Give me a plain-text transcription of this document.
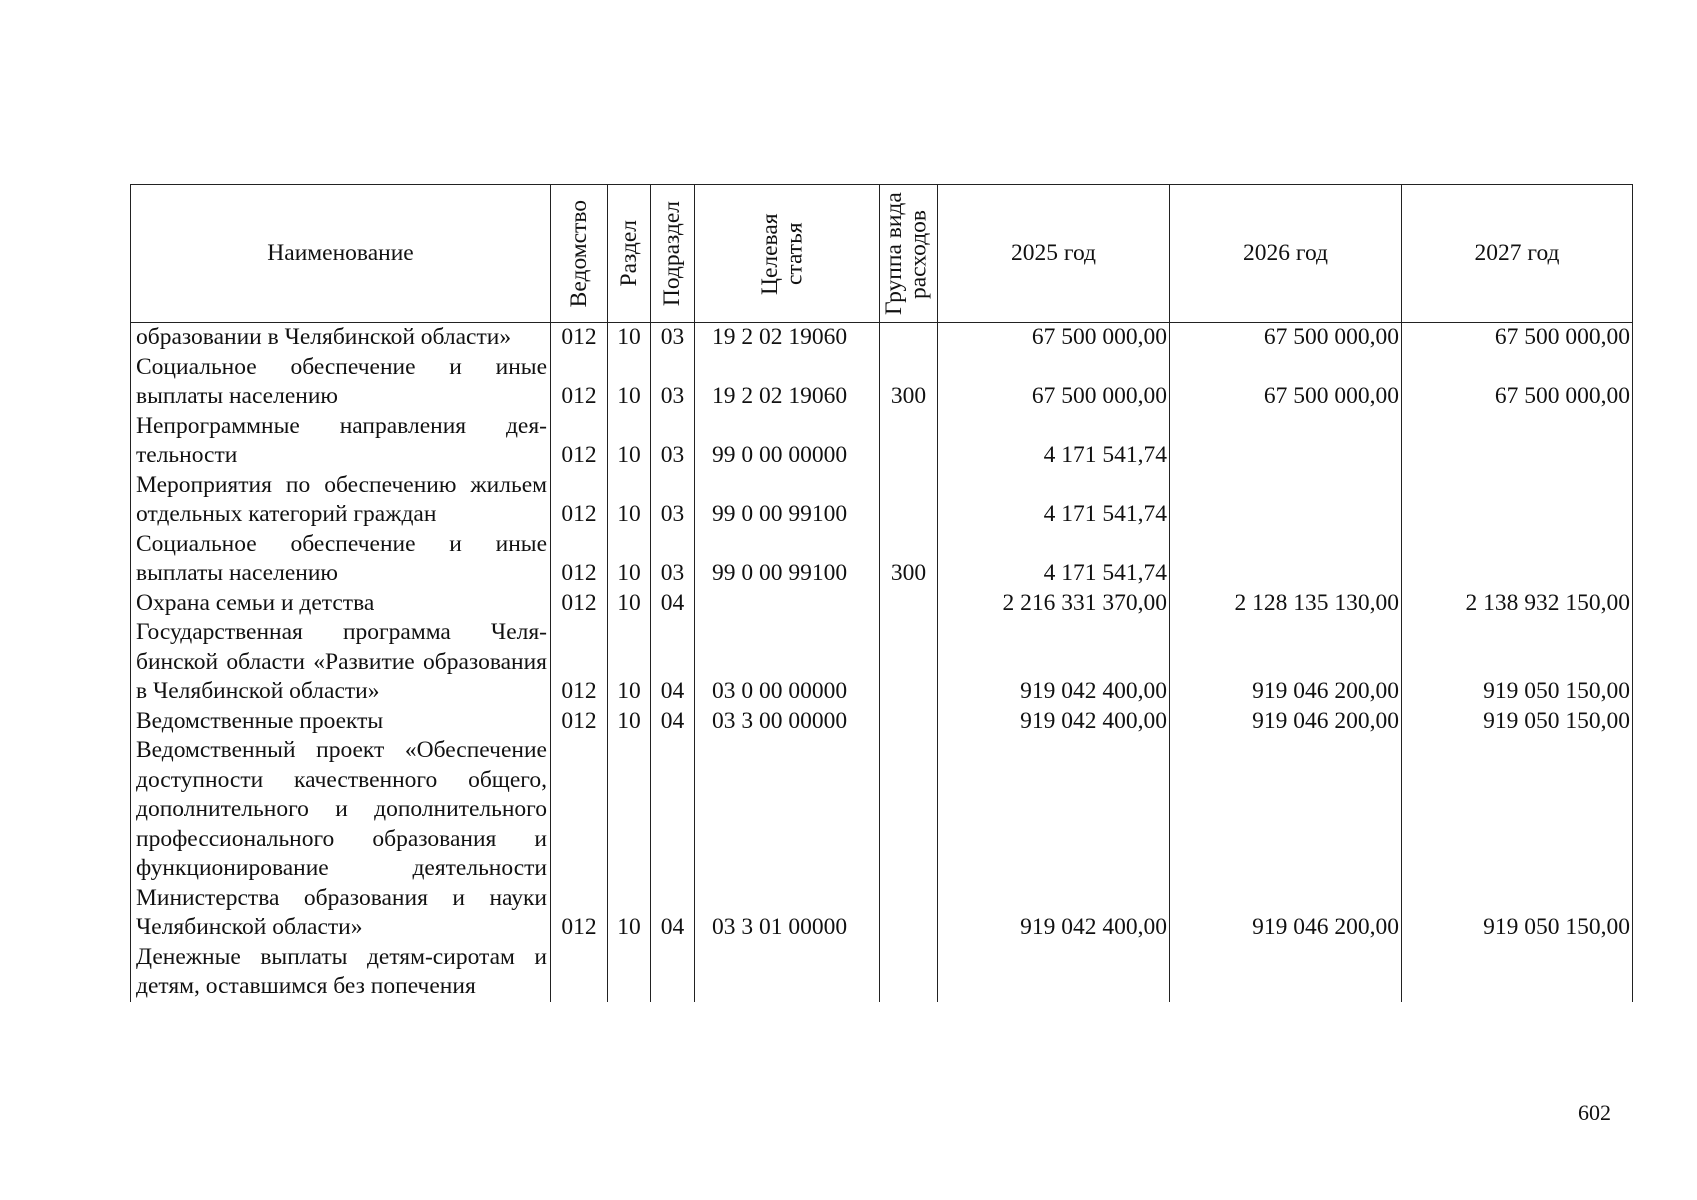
Наименование	Ведомство	Раздел	Подраздел	Целевая статья	Группа вида расходов	2025 год	2026 год	2027 год
образовании в Челябинской области»	012	10	03	19 2 02 19060		67 500 000,00	67 500 000,00	67 500 000,00
Социальное обеспечение и иные выплаты населению	012	10	03	19 2 02 19060	300	67 500 000,00	67 500 000,00	67 500 000,00
Непрограммные направления деятельности	012	10	03	99 0 00 00000		4 171 541,74		
Мероприятия по обеспечению жильем отдельных категорий граждан	012	10	03	99 0 00 99100		4 171 541,74		
Социальное обеспечение и иные выплаты населению	012	10	03	99 0 00 99100	300	4 171 541,74		
Охрана семьи и детства	012	10	04			2 216 331 370,00	2 128 135 130,00	2 138 932 150,00
Государственная программа Челябинской области «Развитие образования в Челябинской области»	012	10	04	03 0 00 00000		919 042 400,00	919 046 200,00	919 050 150,00
Ведомственные проекты	012	10	04	03 3 00 00000		919 042 400,00	919 046 200,00	919 050 150,00
Ведомственный проект «Обеспечение доступности качественного общего, дополнительного и дополнительного профессионального образования и функционирование деятельности Министерства образования и науки Челябинской области»	012	10	04	03 3 01 00000		919 042 400,00	919 046 200,00	919 050 150,00
Денежные выплаты детям-сиротам и детям, оставшимся без попечения								
602
